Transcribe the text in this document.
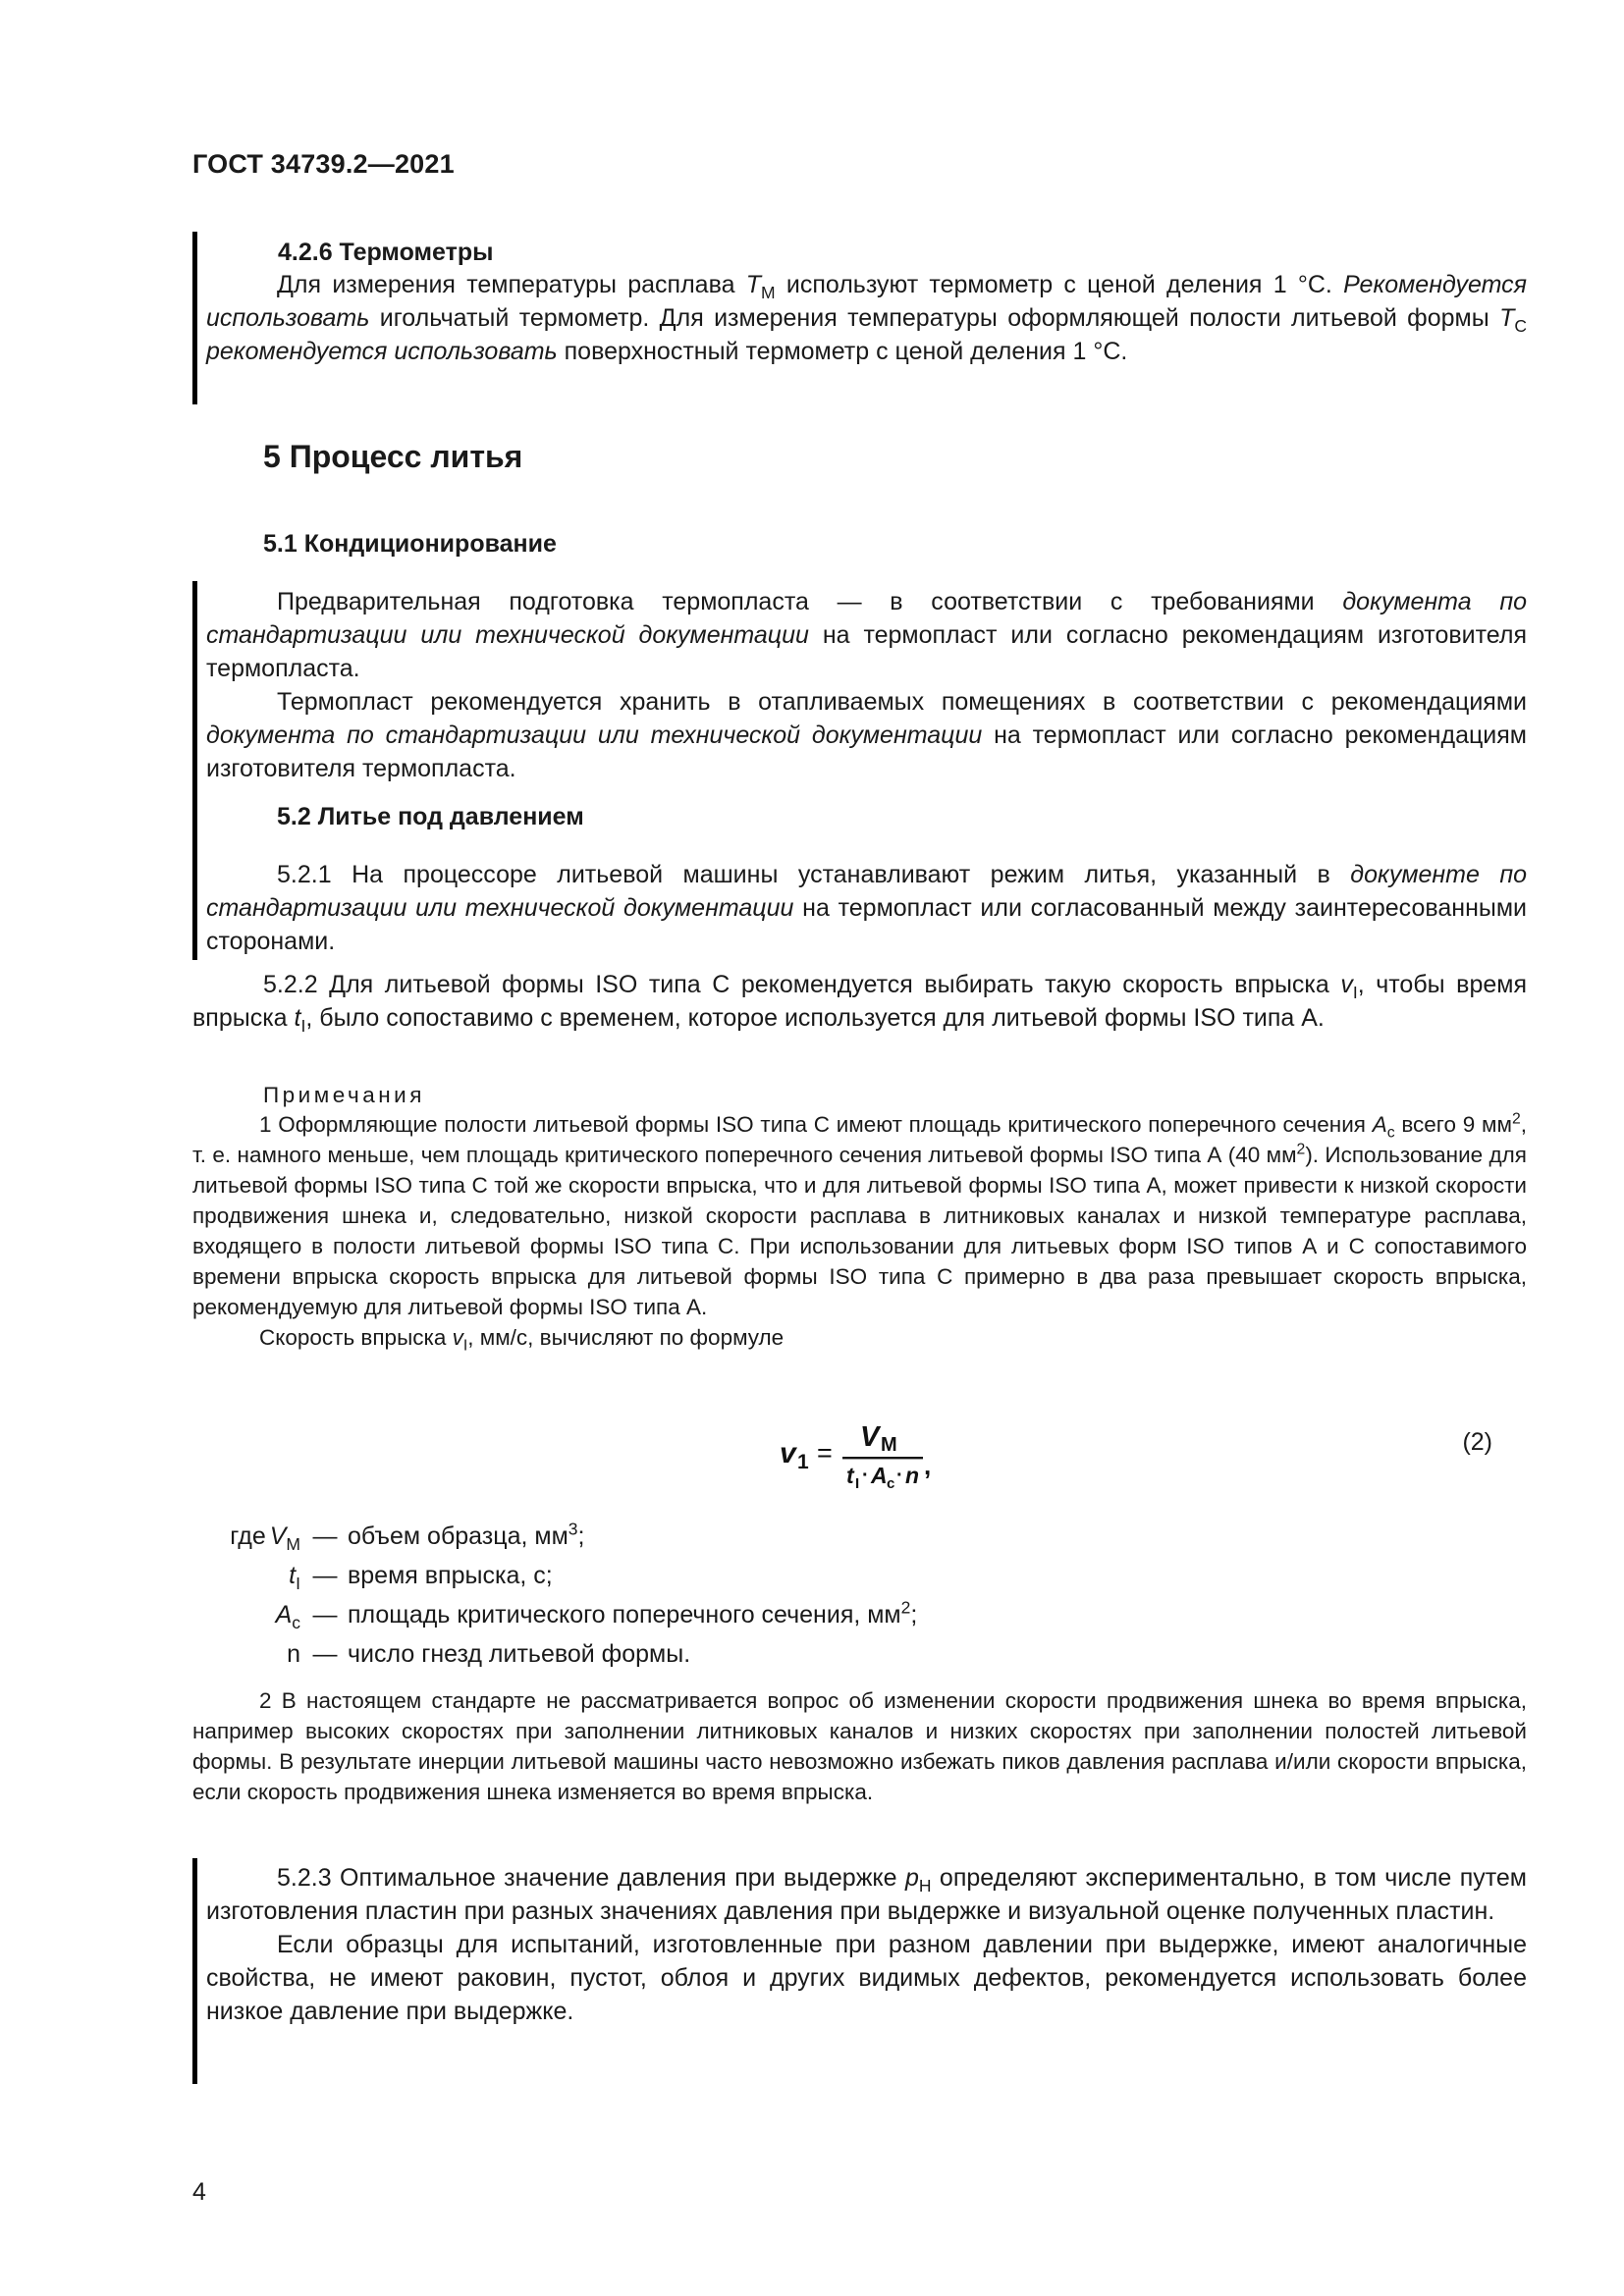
ГОСТ 34739.2—2021
4.2.6 Термометры

Для измерения температуры расплава $T_M$ используют термометр с ценой деления 1 °С. Рекомендуется использовать игольчатый термометр. Для измерения температуры оформляющей полости литьевой формы $T_C$ рекомендуется использовать поверхностный термометр с ценой деления 1 °С.

5 Процесс литья
5.1 Кондиционирование

Предварительная подготовка термопласта — в соответствии с требованиями документа по стандартизации или технической документации на термопласт или согласно рекомендациям изготовителя термопласта.

Термопласт рекомендуется хранить в отапливаемых помещениях в соответствии с рекомендациями документа по стандартизации или технической документации на термопласт или согласно рекомендациям изготовителя термопласта.

5.2 Литье под давлением

5.2.1 На процессоре литьевой машины устанавливают режим литья, указанный в документе по стандартизации или технической документации на термопласт или согласованный между заинтересованными сторонами.

5.2.2 Для литьевой формы ISO типа С рекомендуется выбирать такую скорость впрыска $v_I$, чтобы время впрыска $t_I$, было сопоставимо с временем, которое используется для литьевой формы ISO типа А.

Примечания

1 Оформляющие полости литьевой формы ISO типа С имеют площадь критического поперечного сечения $A_c$ всего 9 $мм^2$, т. е. намного меньше, чем площадь критического поперечного сечения литьевой формы ISO типа А (40 $мм^2$). Использование для литьевой формы ISO типа С той же скорости впрыска, что и для литьевой формы ISO типа А, может привести к низкой скорости продвижения шнека и, следовательно, низкой скорости расплава в литниковых каналах и низкой температуре расплава, входящего в полости литьевой формы ISO типа С. При использовании для литьевых форм ISO типов А и С сопоставимого времени впрыска скорость впрыска для литьевой формы ISO типа С примерно в два раза превышает скорость впрыска, рекомендуемую для литьевой формы ISO типа А.

Скорость впрыска $v_I$, мм/с, вычисляют по формуле

v 1 = V M
t I · A c · n ,
(2)
где $V_M$ — объем образца, $мм^3$;
$t_I$ — время впрыска, с;
$A_c$ — площадь критического поперечного сечения, $мм^2$;
n — число гнезд литьевой формы.

2 В настоящем стандарте не рассматривается вопрос об изменении скорости продвижения шнека во время впрыска, например высоких скоростях при заполнении литниковых каналов и низких скоростях при заполнении полостей литьевой формы. В результате инерции литьевой машины часто невозможно избежать пиков давления расплава и/или скорости впрыска, если скорость продвижения шнека изменяется во время впрыска.

5.2.3 Оптимальное значение давления при выдержке $p_H$ определяют экспериментально, в том числе путем изготовления пластин при разных значениях давления при выдержке и визуальной оценке полученных пластин.

Если образцы для испытаний, изготовленные при разном давлении при выдержке, имеют аналогичные свойства, не имеют раковин, пустот, облоя и других видимых дефектов, рекомендуется использовать более низкое давление при выдержке.

4
